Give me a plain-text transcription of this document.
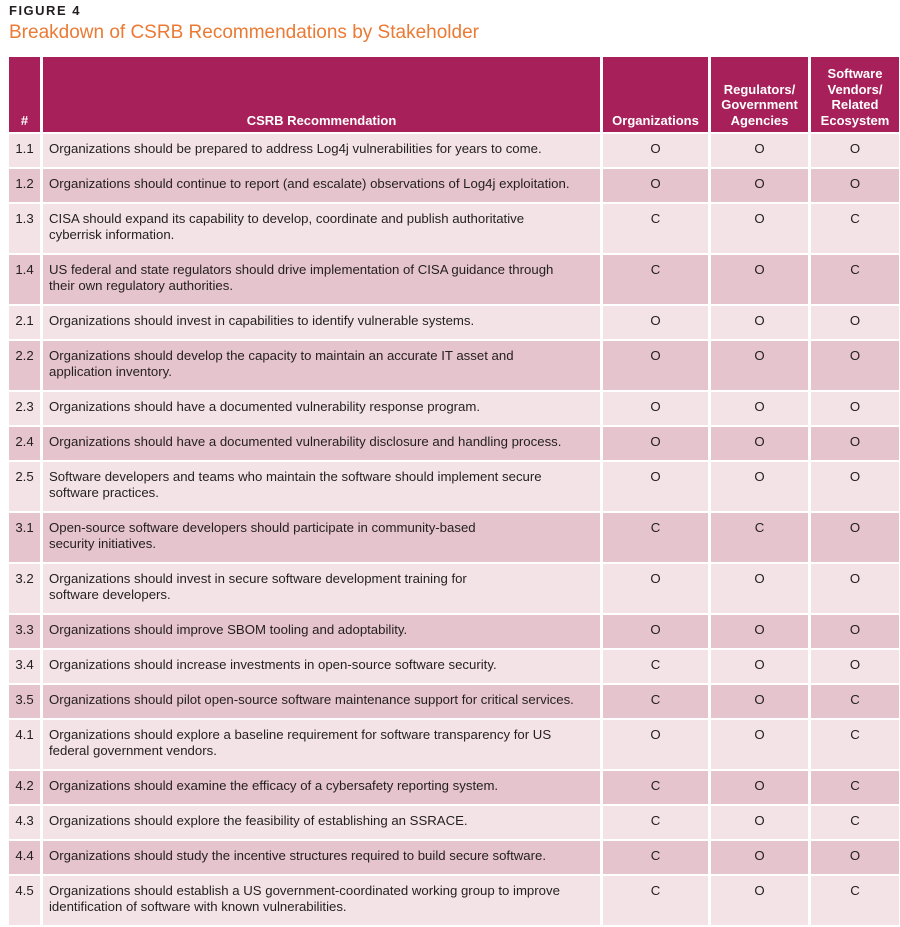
FIGURE 4
Breakdown of CSRB Recommendations by Stakeholder
#	CSRB Recommendation	Organizations	Regulators/
Government
Agencies	Software
Vendors/
Related
Ecosystem
1.1	Organizations should be prepared to address Log4j vulnerabilities for years to come.	O	O	O
1.2	Organizations should continue to report (and escalate) observations of Log4j exploitation.	O	O	O
1.3	CISA should expand its capability to develop, coordinate and publish authoritative
cyberrisk information.	C	O	C
1.4	US federal and state regulators should drive implementation of CISA guidance through
their own regulatory authorities.	C	O	C
2.1	Organizations should invest in capabilities to identify vulnerable systems.	O	O	O
2.2	Organizations should develop the capacity to maintain an accurate IT asset and
application inventory.	O	O	O
2.3	Organizations should have a documented vulnerability response program.	O	O	O
2.4	Organizations should have a documented vulnerability disclosure and handling process.	O	O	O
2.5	Software developers and teams who maintain the software should implement secure
software practices.	O	O	O
3.1	Open-source software developers should participate in community-based
security initiatives.	C	C	O
3.2	Organizations should invest in secure software development training for
software developers.	O	O	O
3.3	Organizations should improve SBOM tooling and adoptability.	O	O	O
3.4	Organizations should increase investments in open-source software security.	C	O	O
3.5	Organizations should pilot open-source software maintenance support for critical services.	C	O	C
4.1	Organizations should explore a baseline requirement for software transparency for US
federal government vendors.	O	O	C
4.2	Organizations should examine the efficacy of a cybersafety reporting system.	C	O	C
4.3	Organizations should explore the feasibility of establishing an SSRACE.	C	O	C
4.4	Organizations should study the incentive structures required to build secure software.	C	O	O
4.5	Organizations should establish a US government-coordinated working group to improve
identification of software with known vulnerabilities.	C	O	C
